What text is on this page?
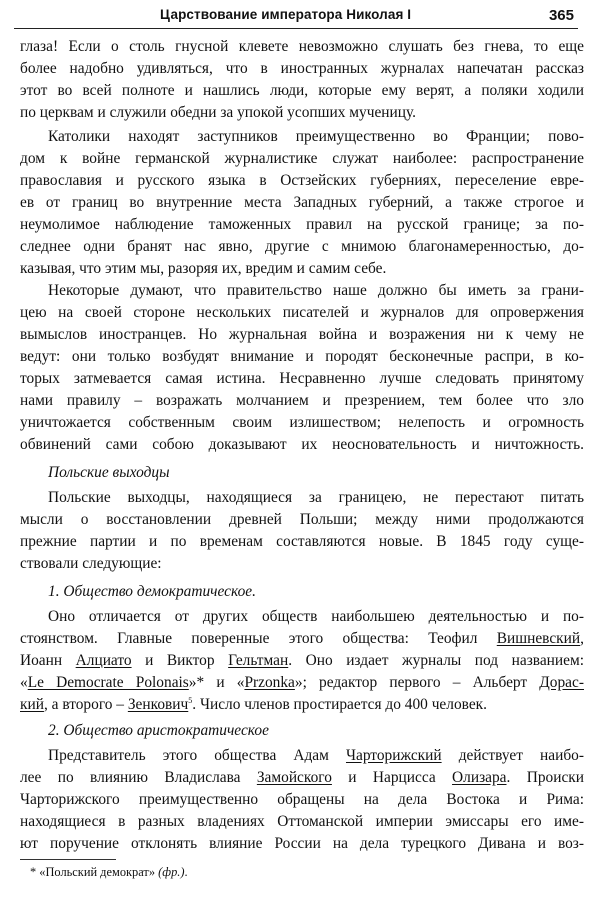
Царствование императора Николая I	365
глаза! Если о столь гнусной клевете невозможно слушать без гнева, то еще
более надобно удивляться, что в иностранных журналах напечатан рассказ
этот во всей полноте и нашлись люди, которые ему верят, а поляки ходили
по церквам и служили обедни за упокой усопших мученицу.
Католики находят заступников преимущественно во Франции; пово-
дом к войне германской журналистике служат наиболее: распространение
православия и русского языка в Остзейских губерниях, переселение евре-
ев от границ во внутренние места Западных губерний, а также строгое и
неумолимое наблюдение таможенных правил на русской границе; за по-
следнее одни бранят нас явно, другие с мнимою благонамеренностью, до-
казывая, что этим мы, разоряя их, вредим и самим себе.
Некоторые думают, что правительство наше должно бы иметь за грани-
цею на своей стороне нескольких писателей и журналов для опровержения
вымыслов иностранцев. Но журнальная война и возражения ни к чему не
ведут: они только возбудят внимание и породят бесконечные распри, в ко-
торых затмевается самая истина. Несравненно лучше следовать принятому
нами правилу – возражать молчанием и презрением, тем более что зло
уничтожается собственным своим излишеством; нелепость и огромность
обвинений сами собою доказывают их неосновательность и ничтожность.
Польские выходцы
Польские выходцы, находящиеся за границею, не перестают питать
мысли о восстановлении древней Польши; между ними продолжаются
прежние партии и по временам составляются новые. В 1845 году суще-
ствовали следующие:
1. Общество демократическое.
Оно отличается от других обществ наибольшею деятельностью и по-
стоянством. Главные поверенные этого общества: Теофил Вишневский,
Иоанн Алциато и Виктор Гельтман. Оно издает журналы под названием:
«Le Democrate Polonais»* и «Przonka»; редактор первого – Альберт Дорас-
кий, а второго – Зенкович$^5$. Число членов простирается до 400 человек.
2. Общество аристократическое
Представитель этого общества Адам Чарторижский действует наибо-
лее по влиянию Владислава Замойского и Нарцисса Олизара. Происки
Чарторижского преимущественно обращены на дела Востока и Рима:
находящиеся в разных владениях Оттоманской империи эмиссары его име-
ют поручение отклонять влияние России на дела турецкого Дивана и воз-
* «Польский демократ» (фр.).
